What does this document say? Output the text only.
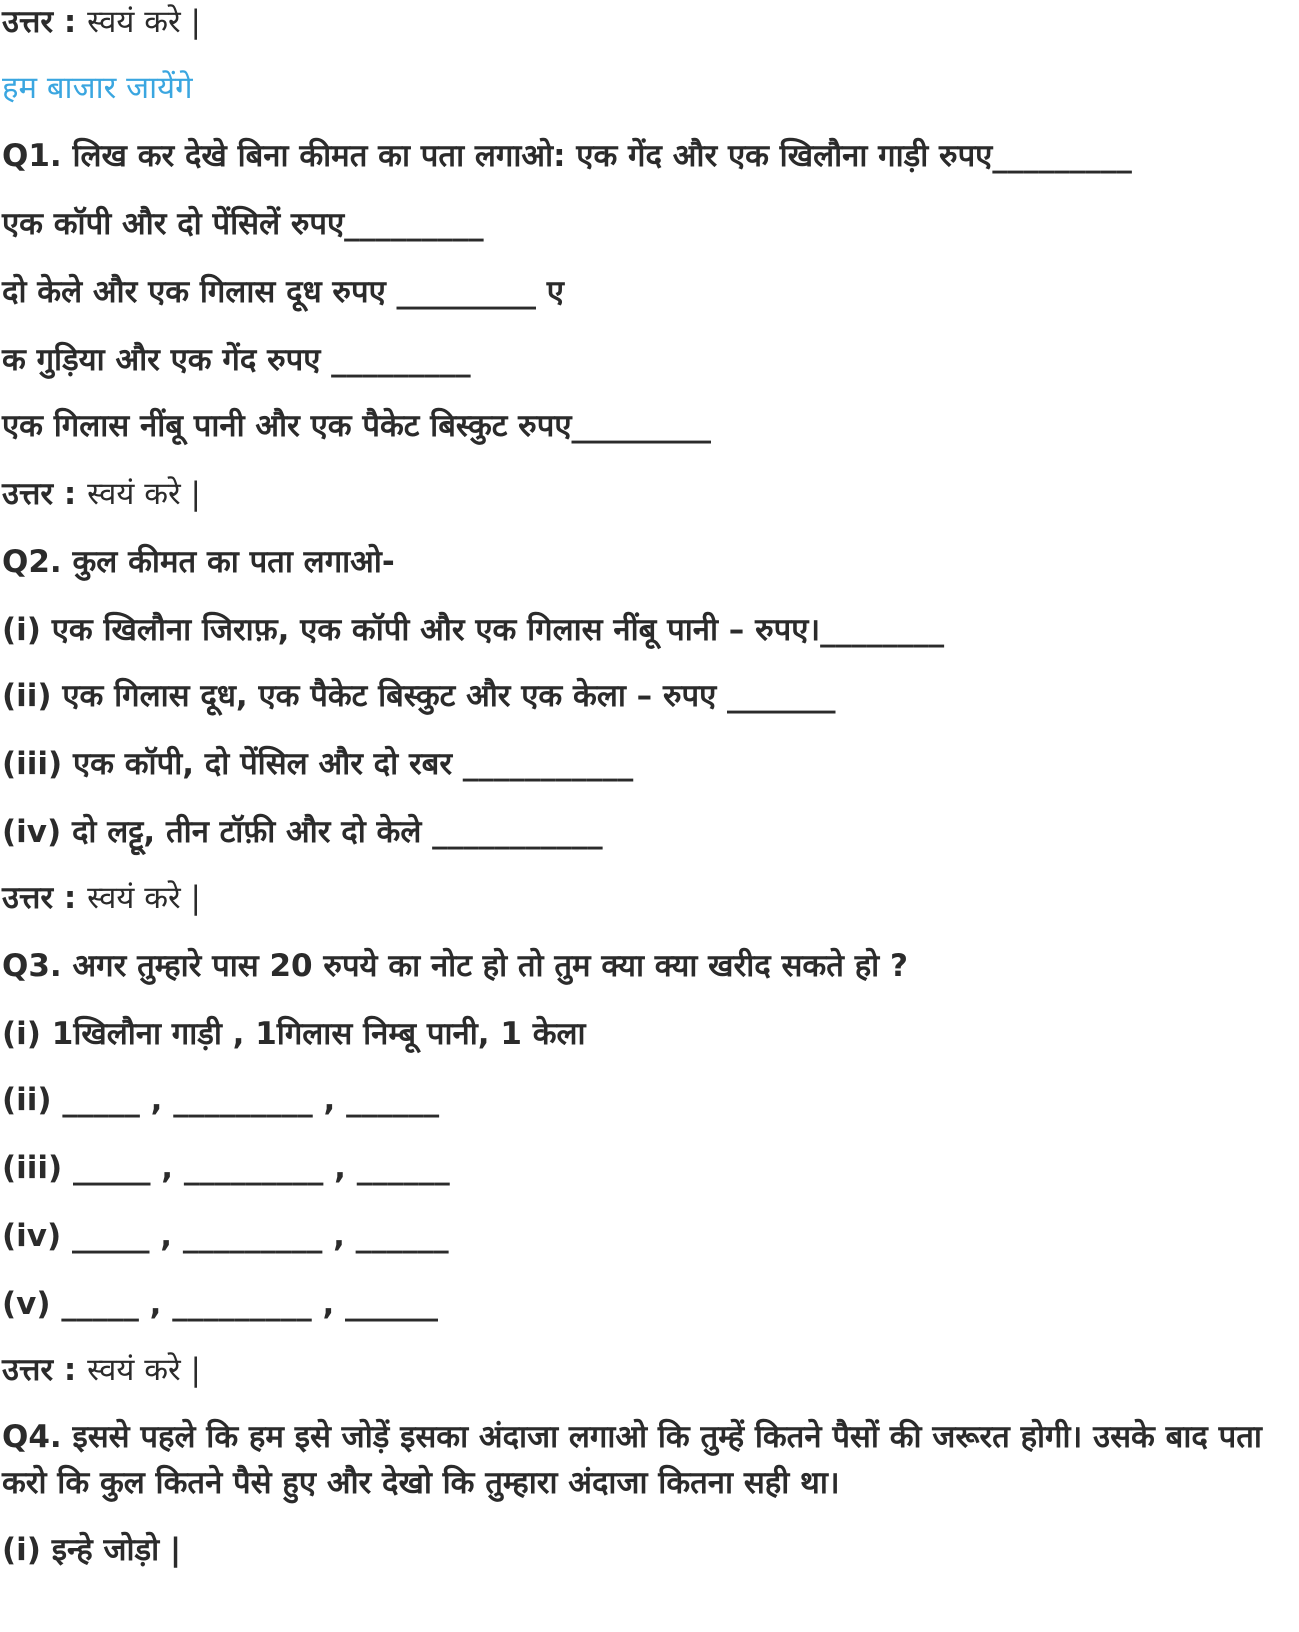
उत्तर : स्वयं करे |
हम बाजार जायेंगे
Q1. लिख कर देखे बिना कीमत का पता लगाओ: एक गेंद और एक खिलौना गाड़ी रुपए_________
एक कॉपी और दो पेंसिलें रुपए_________
दो केले और एक गिलास दूध रुपए _________ ए
क गुड़िया और एक गेंद रुपए _________
एक गिलास नींबू पानी और एक पैकेट बिस्कुट रुपए_________
उत्तर : स्वयं करे |
Q2. कुल कीमत का पता लगाओ-
(i) एक खिलौना जिराफ़, एक कॉपी और एक गिलास नींबू पानी – रुपए।________
(ii) एक गिलास दूध, एक पैकेट बिस्कुट और एक केला – रुपए _______
(iii) एक कॉपी, दो पेंसिल और दो रबर ___________
(iv) दो लट्टू, तीन टॉफ़ी और दो केले ___________
उत्तर : स्वयं करे |
Q3. अगर तुम्हारे पास 20 रुपये का नोट हो तो तुम क्या क्या खरीद सकते हो ?
(i) 1खिलौना गाड़ी , 1गिलास निम्बू पानी, 1 केला
(ii) _____ , _________ , ______
(iii) _____ , _________ , ______
(iv) _____ , _________ , ______
(v) _____ , _________ , ______
उत्तर : स्वयं करे |
Q4. इससे पहले कि हम इसे जोड़ें इसका अंदाजा लगाओ कि तुम्हें कितने पैसों की जरूरत होगी। उसके बाद पता करो कि कुल कितने पैसे हुए और देखो कि तुम्हारा अंदाजा कितना सही था।
(i) इन्हे जोड़ो |
